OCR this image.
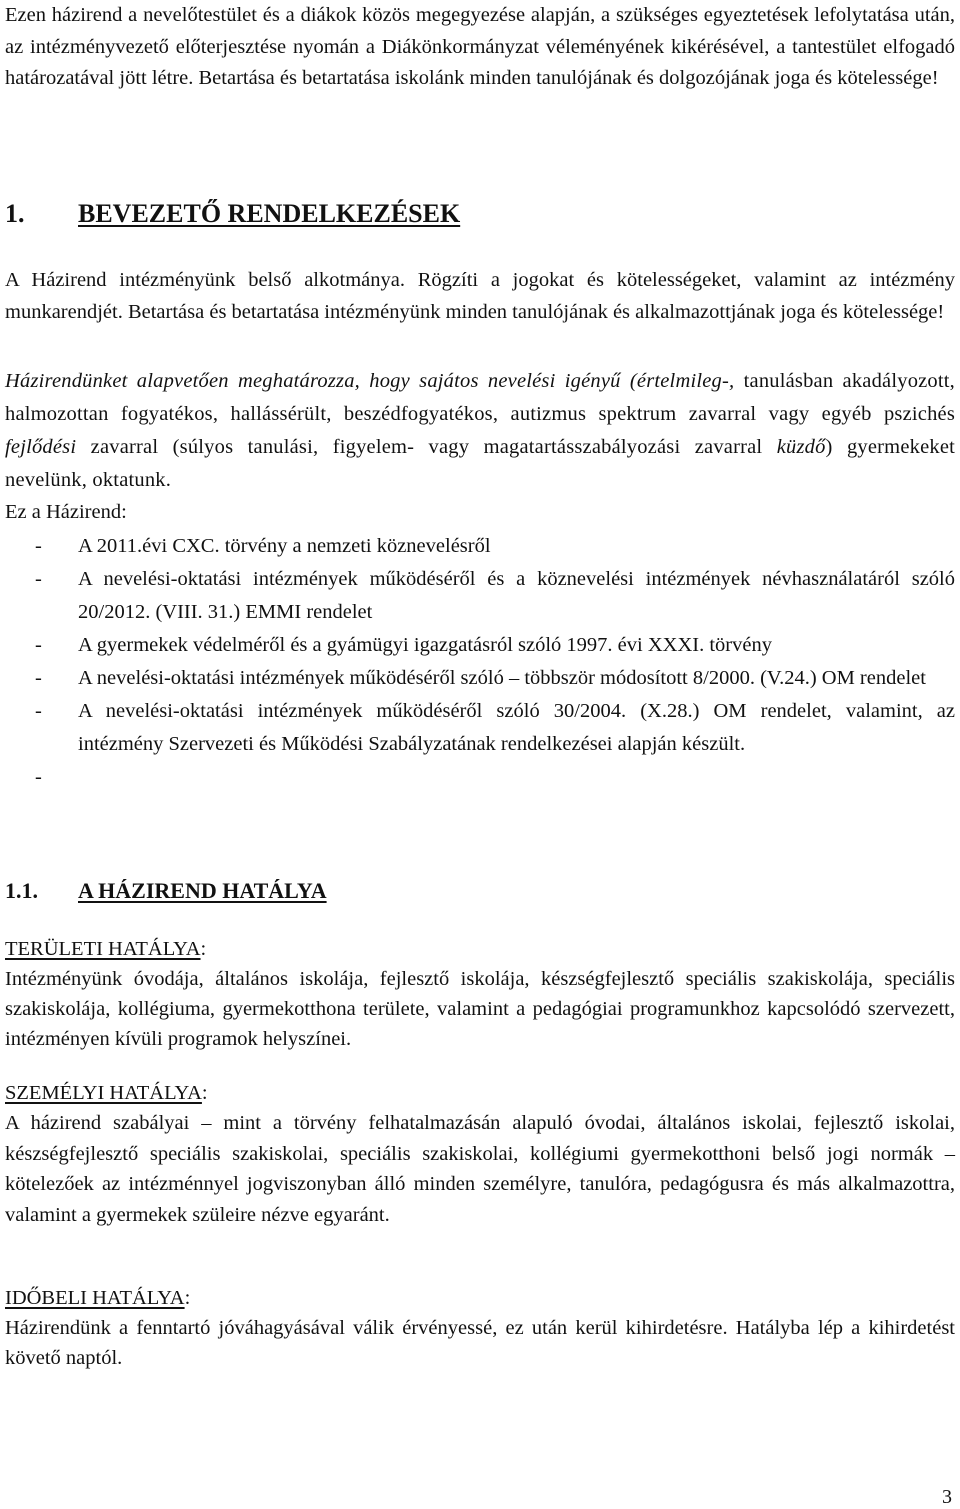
Ezen házirend a nevelőtestület és a diákok közös megegyezése alapján, a szükséges egyeztetések lefolytatása után, az intézményvezető előterjesztése nyomán a Diákönkormányzat véleményének kikérésével, a tantestület elfogadó határozatával jött létre. Betartása és betartatása iskolánk minden tanulójának és dolgozójának joga és kötelessége!

1. BEVEZETŐ RENDELKEZÉSEK

A Házirend intézményünk belső alkotmánya. Rögzíti a jogokat és kötelességeket, valamint az intézmény munkarendjét. Betartása és betartatása intézményünk minden tanulójának és alkalmazottjának joga és kötelessége!

Házirendünket alapvetően meghatározza, hogy sajátos nevelési igényű (értelmileg-, tanulásban akadályozott, halmozottan fogyatékos, hallássérült, beszédfogyatékos, autizmus spektrum zavarral vagy egyéb pszichés fejlődési zavarral (súlyos tanulási, figyelem- vagy magatartásszabályozási zavarral küzdő) gyermekeket nevelünk, oktatunk.

Ez a Házirend:

- A 2011.évi CXC. törvény a nemzeti köznevelésről
- A nevelési-oktatási intézmények működéséről és a köznevelési intézmények névhasználatáról szóló 20/2012. (VIII. 31.) EMMI rendelet
- A gyermekek védelméről és a gyámügyi igazgatásról szóló 1997. évi XXXI. törvény
- A nevelési-oktatási intézmények működéséről szóló – többször módosított 8/2000. (V.24.) OM rendelet
- A nevelési-oktatási intézmények működéséről szóló 30/2004. (X.28.) OM rendelet, valamint, az intézmény Szervezeti és Működési Szabályzatának rendelkezései alapján készült.
-
1.1. A HÁZIREND HATÁLYA

TERÜLETI HATÁLYA:

Intézményünk óvodája, általános iskolája, fejlesztő iskolája, készségfejlesztő speciális szakiskolája, speciális szakiskolája, kollégiuma, gyermekotthona területe, valamint a pedagógiai programunkhoz kapcsolódó szervezett, intézményen kívüli programok helyszínei.

SZEMÉLYI HATÁLYA:

A házirend szabályai – mint a törvény felhatalmazásán alapuló óvodai, általános iskolai, fejlesztő iskolai, készségfejlesztő speciális szakiskolai, speciális szakiskolai, kollégiumi gyermekotthoni belső jogi normák – kötelezőek az intézménnyel jogviszonyban álló minden személyre, tanulóra, pedagógusra és más alkalmazottra, valamint a gyermekek szüleire nézve egyaránt.

IDŐBELI HATÁLYA:

Házirendünk a fenntartó jóváhagyásával válik érvényessé, ez után kerül kihirdetésre. Hatályba lép a kihirdetést követő naptól.

3
